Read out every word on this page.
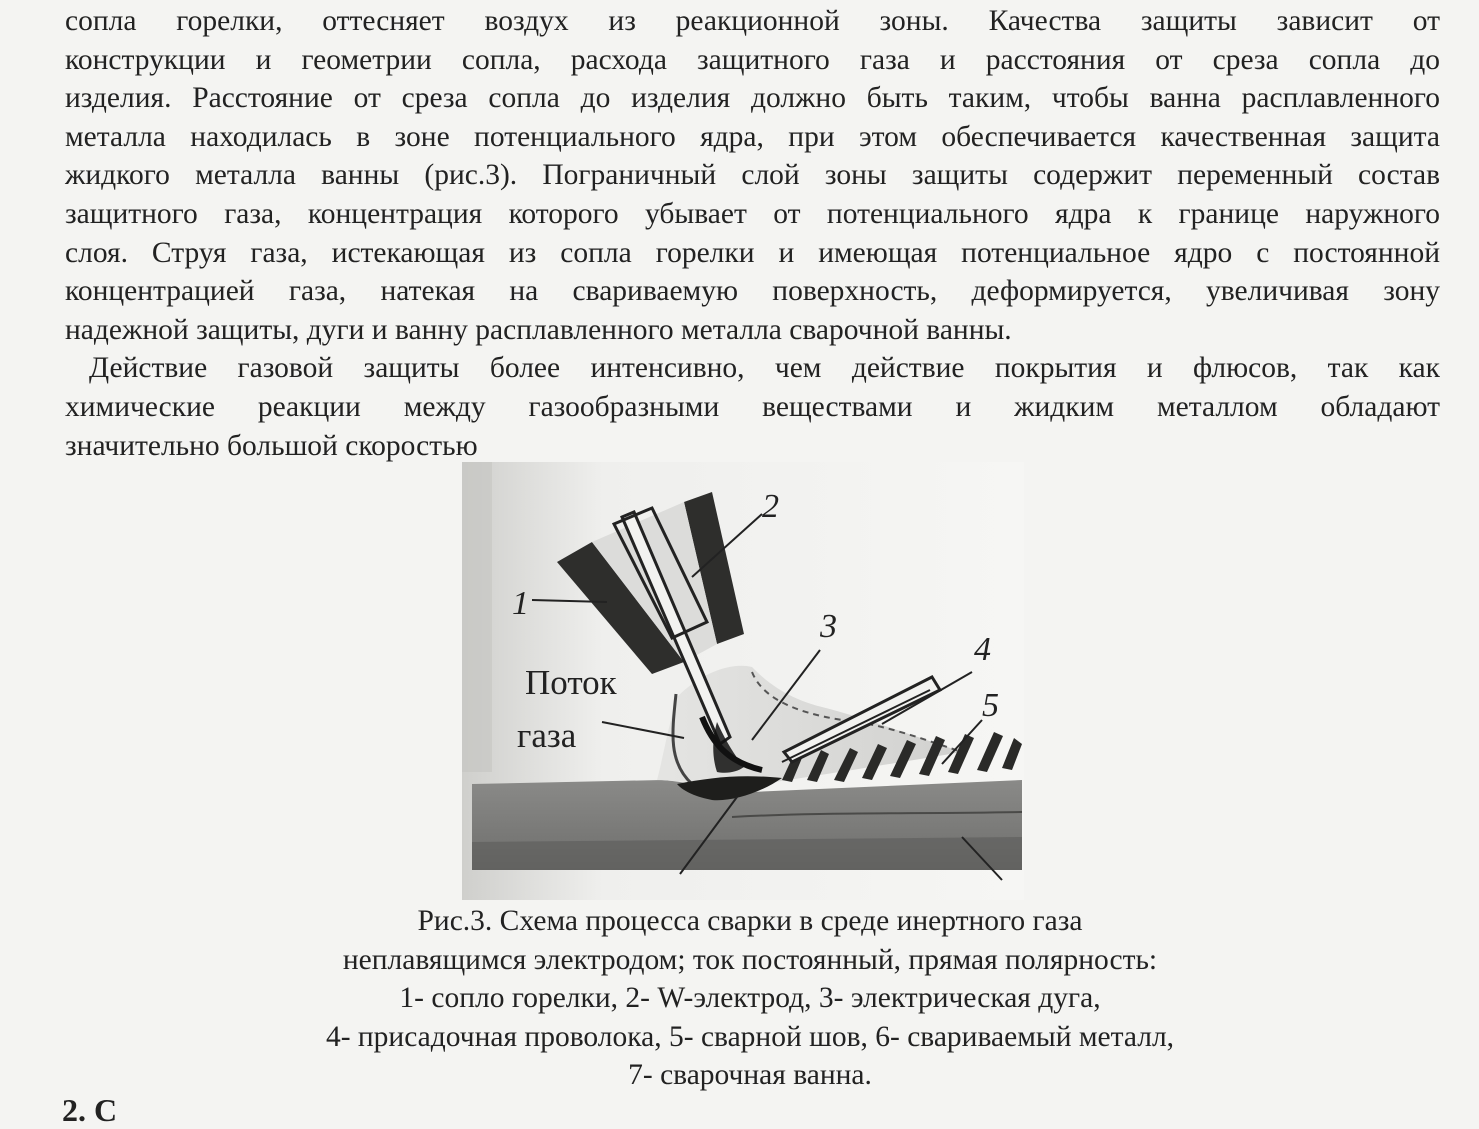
сопла горелки, оттесняет воздух из реакционной зоны. Качества защиты зависит от
конструкции и геометрии сопла, расхода защитного газа и расстояния от среза сопла до
изделия. Расстояние от среза сопла до изделия должно быть таким, чтобы ванна расплавленного
металла находилась в зоне потенциального ядра, при этом обеспечивается качественная защита
жидкого металла ванны (рис.3). Пограничный слой зоны защиты содержит переменный состав
защитного газа, концентрация которого убывает от потенциального ядра к границе наружного
слоя. Струя газа, истекающая из сопла горелки и имеющая потенциальное ядро с постоянной
концентрацией газа, натекая на свариваемую поверхность, деформируется, увеличивая зону
надежной защиты, дуги и ванну расплавленного металла сварочной ванны.
Действие газовой защиты более интенсивно, чем действие покрытия и флюсов, так как
химические реакции между газообразными веществами и жидким металлом обладают
значительно большой скоростью
1
2
3
4
5
Поток
газа
Рис.3. Схема процесса сварки в среде инертного газа
неплавящимся электродом; ток постоянный, прямая полярность:
1- сопло горелки, 2- W-электрод, 3- электрическая дуга,
4- присадочная проволока, 5- сварной шов, 6- свариваемый металл,
7- сварочная ванна.
2. С
